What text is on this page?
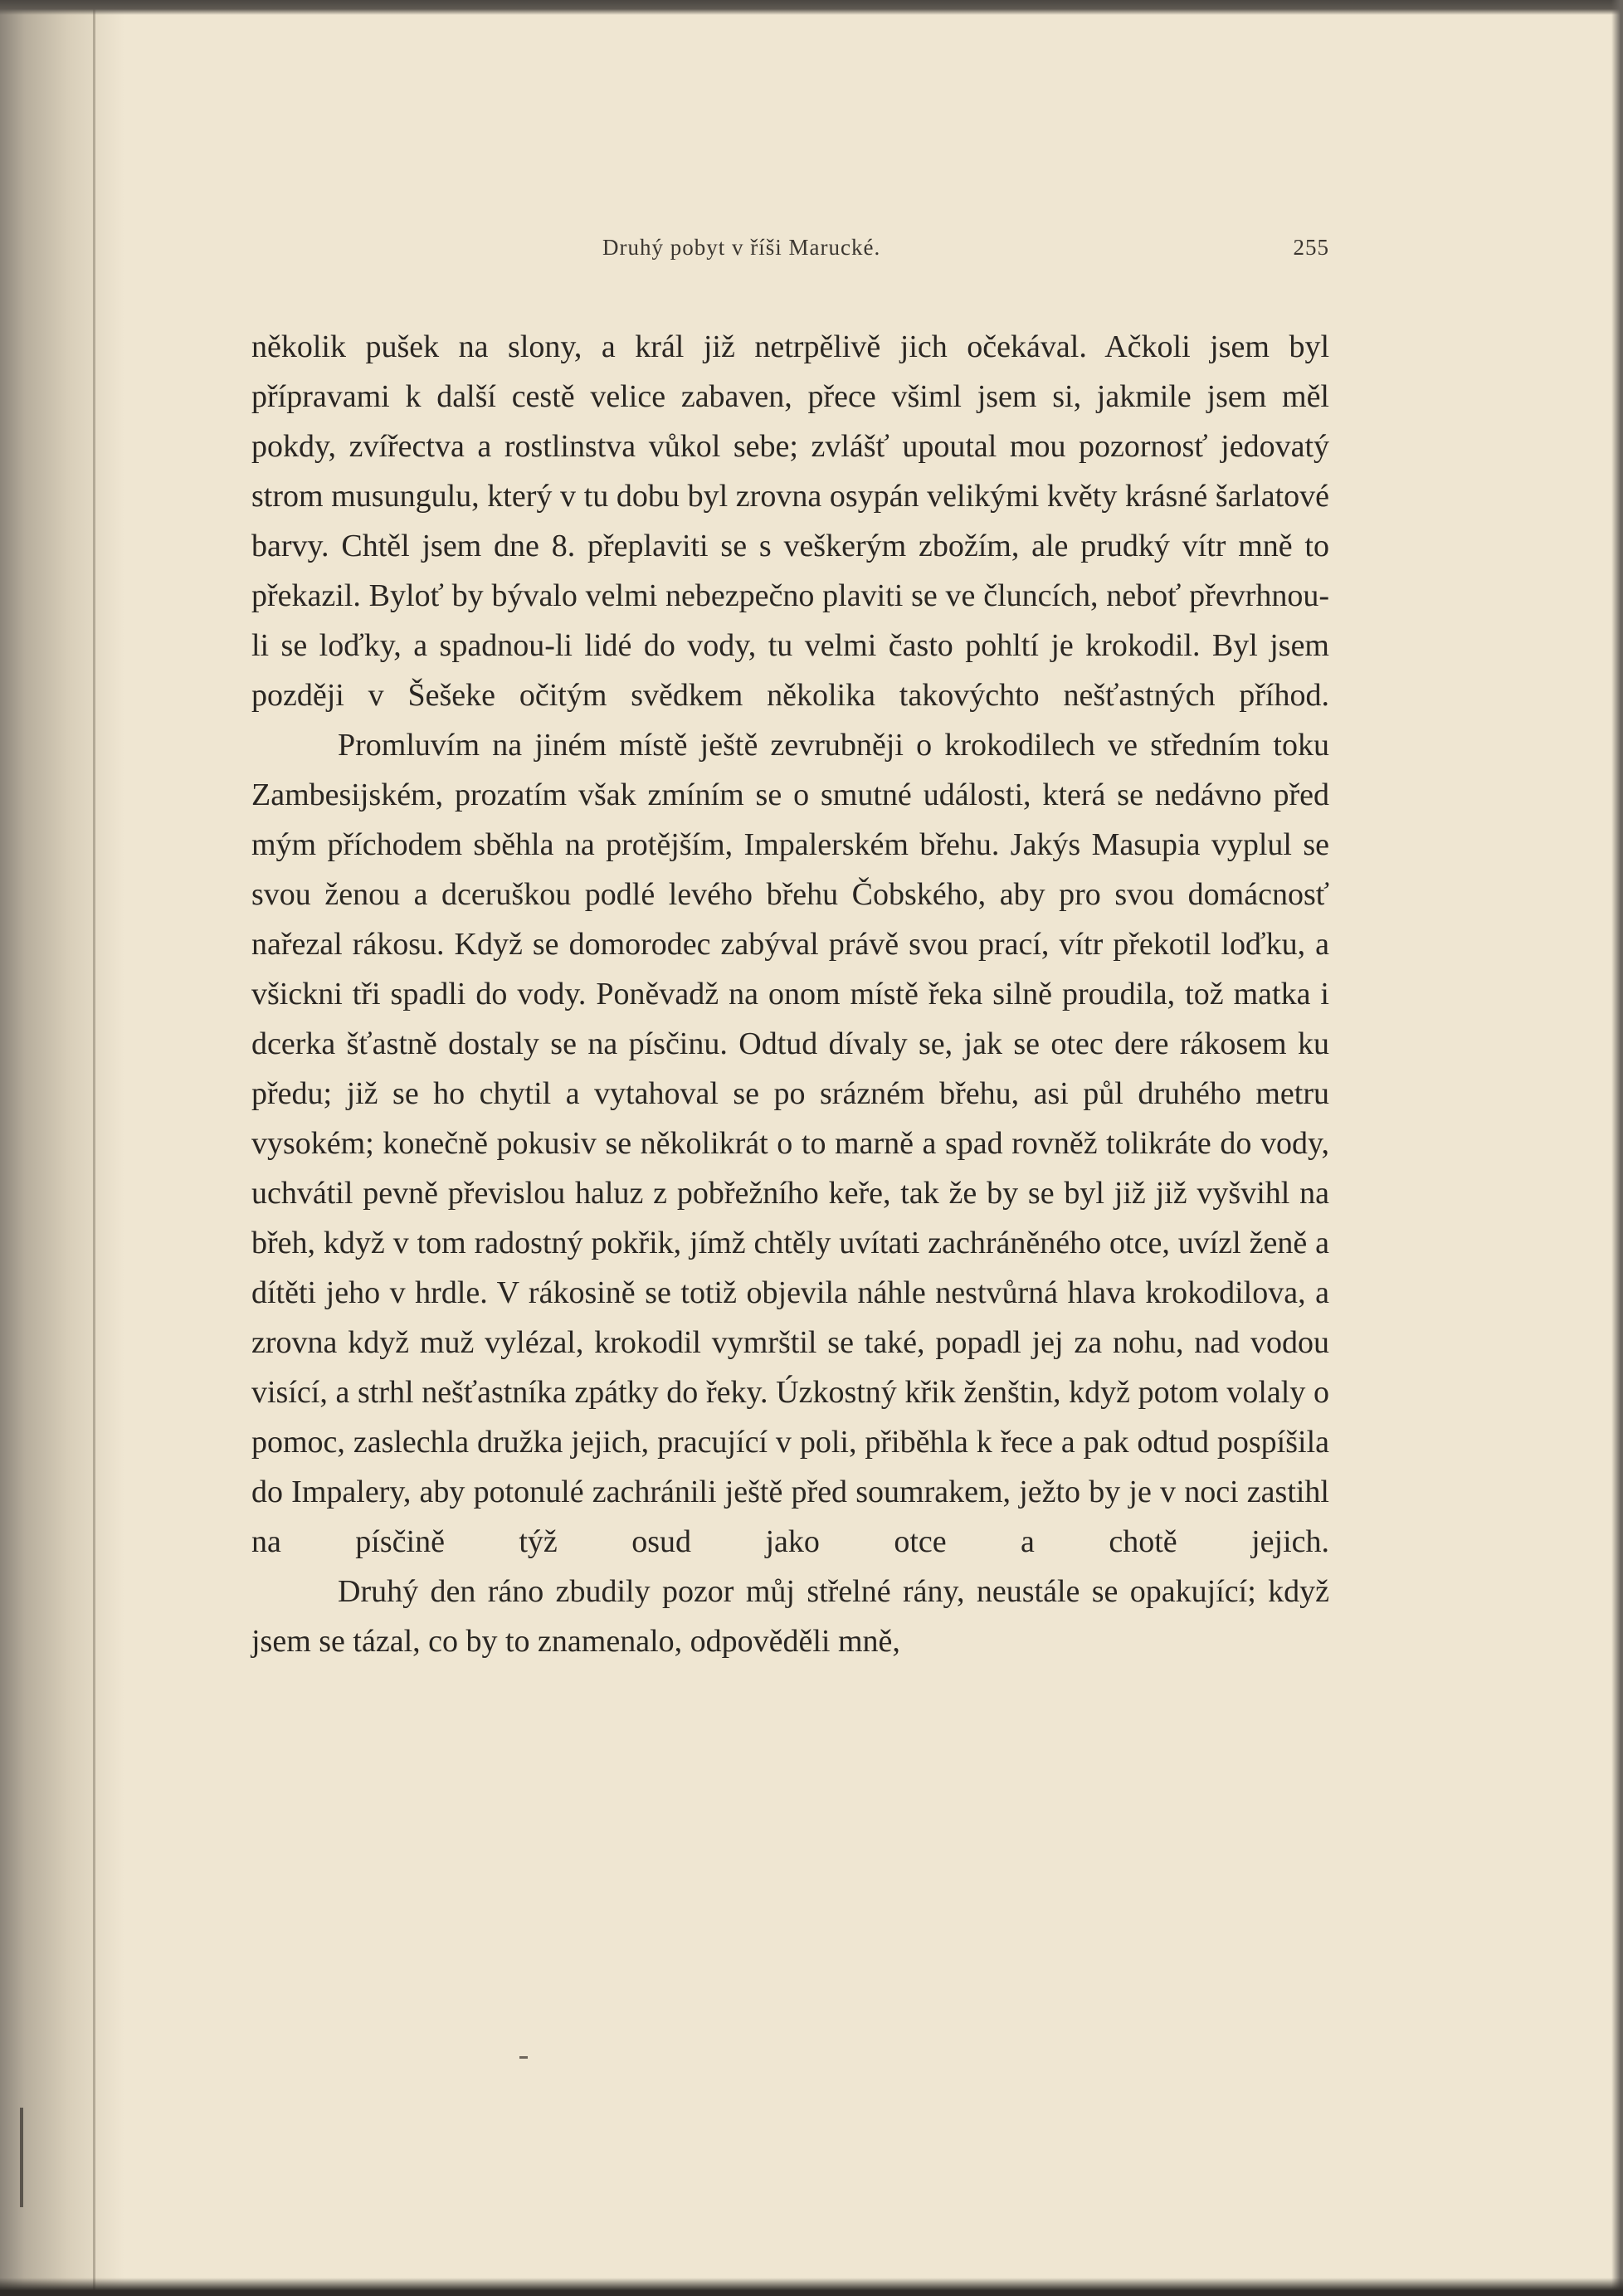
Druhý pobyt v říši Marucké.	255

několik pušek na slony, a král již netrpělivě jich očekával. Ačkoli jsem byl přípravami k další cestě velice zabaven, přece všiml jsem si, jakmile jsem měl pokdy, zvířectva a rostlinstva vůkol sebe; zvlášť upoutal mou pozornosť jedovatý strom musungulu, který v tu dobu byl zrovna osypán velikými květy krásné šarlatové barvy. Chtěl jsem dne 8. přeplaviti se s veškerým zbožím, ale prudký vítr mně to překazil. Byloť by bývalo velmi nebezpečno plaviti se ve čluncích, neboť převrhnou-li se loďky, a spadnou-li lidé do vody, tu velmi často pohltí je krokodil. Byl jsem později v Šešeke očitým svědkem několika takovýchto nešťastných příhod.

Promluvím na jiném místě ještě zevrubněji o krokodilech ve středním toku Zambesijském, prozatím však zmíním se o smutné události, která se nedávno před mým příchodem sběhla na protějším, Impalerském břehu. Jakýs Masupia vyplul se svou ženou a dceruškou podlé levého břehu Čobského, aby pro svou domácnosť nařezal rákosu. Když se domorodec zabýval právě svou prací, vítr překotil loďku, a všickni tři spadli do vody. Poněvadž na onom místě řeka silně proudila, tož matka i dcerka šťastně dostaly se na písčinu. Odtud dívaly se, jak se otec dere rákosem ku předu; již se ho chytil a vytahoval se po srázném břehu, asi půl druhého metru vysokém; konečně pokusiv se několikrát o to marně a spad rovněž tolikráte do vody, uchvátil pevně převislou haluz z pobřežního keře, tak že by se byl již již vyšvihl na břeh, když v tom radostný pokřik, jímž chtěly uvítati zachráněného otce, uvízl ženě a dítěti jeho v hrdle. V rákosině se totiž objevila náhle nestvůrná hlava krokodilova, a zrovna když muž vylézal, krokodil vymrštil se také, popadl jej za nohu, nad vodou visící, a strhl nešťastníka zpátky do řeky. Úzkostný křik ženštin, když potom volaly o pomoc, zaslechla družka jejich, pracující v poli, přiběhla k řece a pak odtud pospíšila do Impalery, aby potonulé zachránili ještě před soumrakem, ježto by je v noci zastihl na písčině týž osud jako otce a chotě jejich.

Druhý den ráno zbudily pozor můj střelné rány, neustále se opakující; když jsem se tázal, co by to znamenalo, odpověděli mně,
